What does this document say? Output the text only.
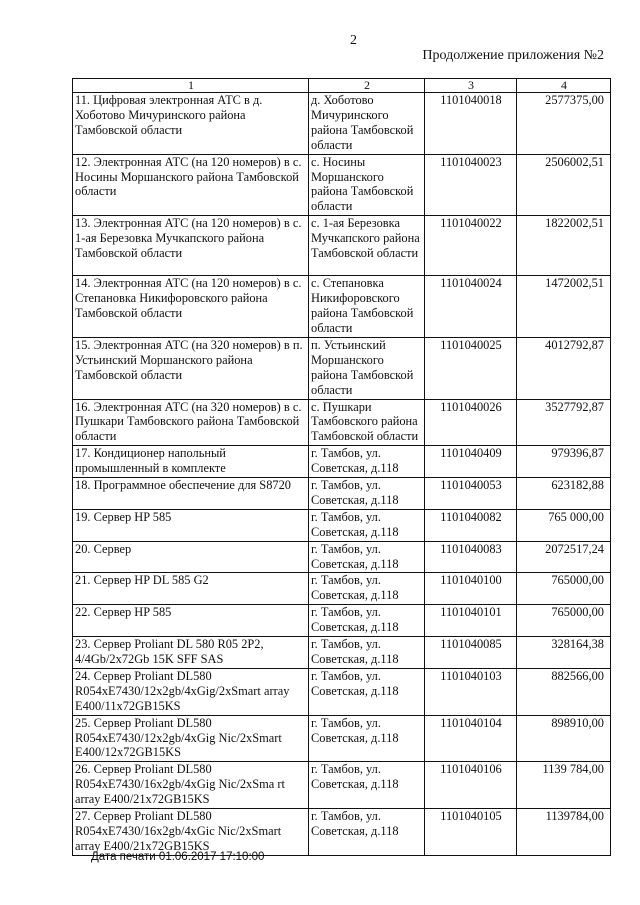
2
Продолжение приложения №2
1	2	3	4
11. Цифровая электронная АТС в д. Хоботово Мичуринского района Тамбовской области	д. Хоботово Мичуринского района Тамбовской области	1101040018	2577375,00
12. Электронная АТС (на 120 номеров) в с. Носины Моршанского района Тамбовской области	с. Носины Моршанского района Тамбовской области	1101040023	2506002,51
13. Электронная АТС (на 120 номеров) в с. 1-ая Березовка Мучкапского района Тамбовской области	с. 1-ая Березовка Мучкапского района Тамбовской области	1101040022	1822002,51
14. Электронная АТС (на 120 номеров) в с. Степановка Никифоровского района Тамбовской области	с. Степановка Никифоровского района Тамбовской области	1101040024	1472002,51
15. Электронная АТС (на 320 номеров) в п. Устьинский Моршанского района Тамбовской области	п. Устьинский Моршанского района Тамбовской области	1101040025	4012792,87
16. Электронная АТС (на 320 номеров) в с. Пушкари Тамбовского района Тамбовской области	с. Пушкари Тамбовского района Тамбовской области	1101040026	3527792,87
17. Кондиционер напольный промышленный в комплекте	г. Тамбов, ул. Советская, д.118	1101040409	979396,87
18. Программное обеспечение для S8720	г. Тамбов, ул. Советская, д.118	1101040053	623182,88
19. Сервер HP 585	г. Тамбов, ул. Советская, д.118	1101040082	765 000,00
20. Сервер	г. Тамбов, ул. Советская, д.118	1101040083	2072517,24
21. Сервер HP DL 585 G2	г. Тамбов, ул. Советская, д.118	1101040100	765000,00
22. Сервер HP 585	г. Тамбов, ул. Советская, д.118	1101040101	765000,00
23. Сервер Proliant DL 580 R05 2P2, 4/4Gb/2x72Gb 15K SFF SAS	г. Тамбов, ул. Советская, д.118	1101040085	328164,38
24. Сервер Proliant DL580 R054xE7430/12x2gb/4xGig/2xSmart array E400/11x72GB15KS	г. Тамбов, ул. Советская, д.118	1101040103	882566,00
25. Сервер Proliant DL580 R054xE7430/12x2gb/4xGig Nic/2xSmart E400/12x72GB15KS	г. Тамбов, ул. Советская, д.118	1101040104	898910,00
26. Сервер Proliant DL580 R054xE7430/16x2gb/4xGig Nic/2xSma rt array E400/21x72GB15KS	г. Тамбов, ул. Советская, д.118	1101040106	1139 784,00
27. Сервер Proliant DL580 R054xE7430/16x2gb/4xGic Nic/2xSmart array E400/21x72GB15KS	г. Тамбов, ул. Советская, д.118	1101040105	1139784,00
Дата печати 01.06.2017 17:10:00
